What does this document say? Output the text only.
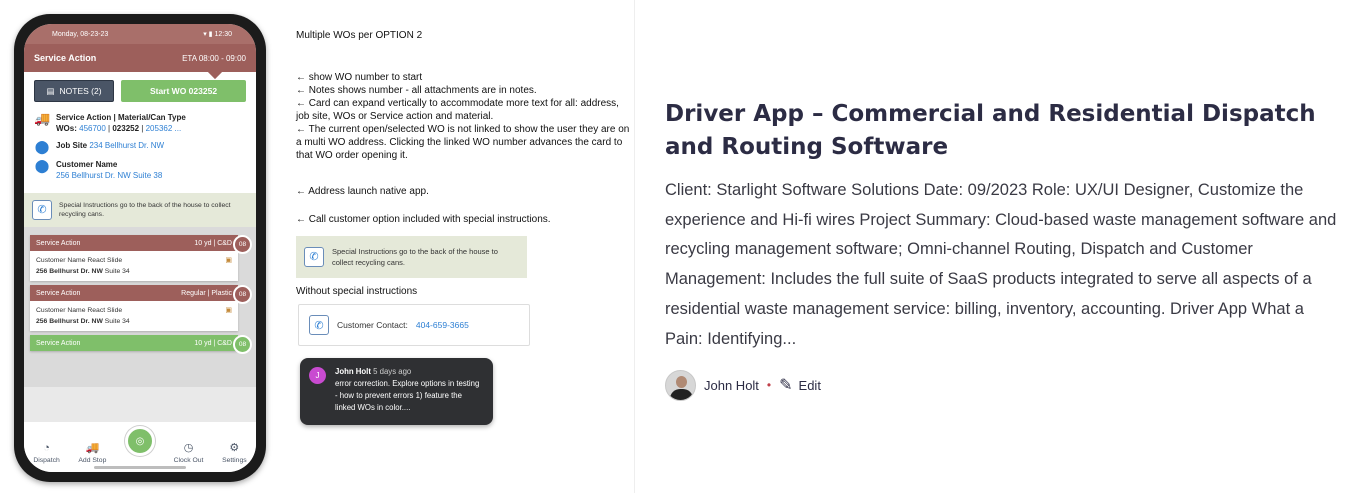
Monday, 08-23-23	▾ ▮ 12:30
Service Action	ETA 08:00 - 09:00
▤ NOTES (2)	Start WO 023252
🚚 Service Action | Material/Can Type
WOs: 456700 | 023252 | 205362 ...
⬤ Job Site 234 Bellhurst Dr. NW
⬤ Customer Name
256 Bellhurst Dr. NW Suite 38
✆	Special Instructions go to the back of the house to collect recycling cans.
Service Action	10 yd | C&D
▣
Customer Name React Slide
256 Bellhurst Dr. NW Suite 34
08
Service Action	Regular | Plastic
▣
Customer Name React Slide
256 Bellhurst Dr. NW Suite 34
08
Service Action	10 yd | C&D	08
◔
Dispatch
🚚
Add Stop
◎
◷
Clock Out
⚙
Settings
Multiple WOs per OPTION 2

← show WO number to start

← Notes shows number - all attachments are in notes.

← Card can expand vertically to accommodate more text for all: address, job site, WOs or Service action and material.

← The current open/selected WO is not linked to show the user they are on a multi WO address. Clicking the linked WO number advances the card to that WO order opening it.

← Address launch native app.
← Call customer option included with special instructions.
✆	Special Instructions go to the back of the house to collect recycling cans.
Without special instructions
✆	Customer Contact: 404-659-3665
J	John Holt 5 days ago
error correction. Explore options in testing - how to prevent errors 1) feature the linked WOs in color....
Driver App – Commercial and Residential Dispatch and Routing Software

Client: Starlight Software Solutions Date: 09/2023 Role: UX/UI Designer, Customize the experience and Hi-fi wires Project Summary: Cloud-based waste management software and recycling management software; Omni-channel Routing, Dispatch and Customer Management: Includes the full suite of SaaS products integrated to serve all aspects of a residential waste management service: billing, inventory, accounting. Driver App What a Pain: Identifying...

John Holt • ✎ Edit
